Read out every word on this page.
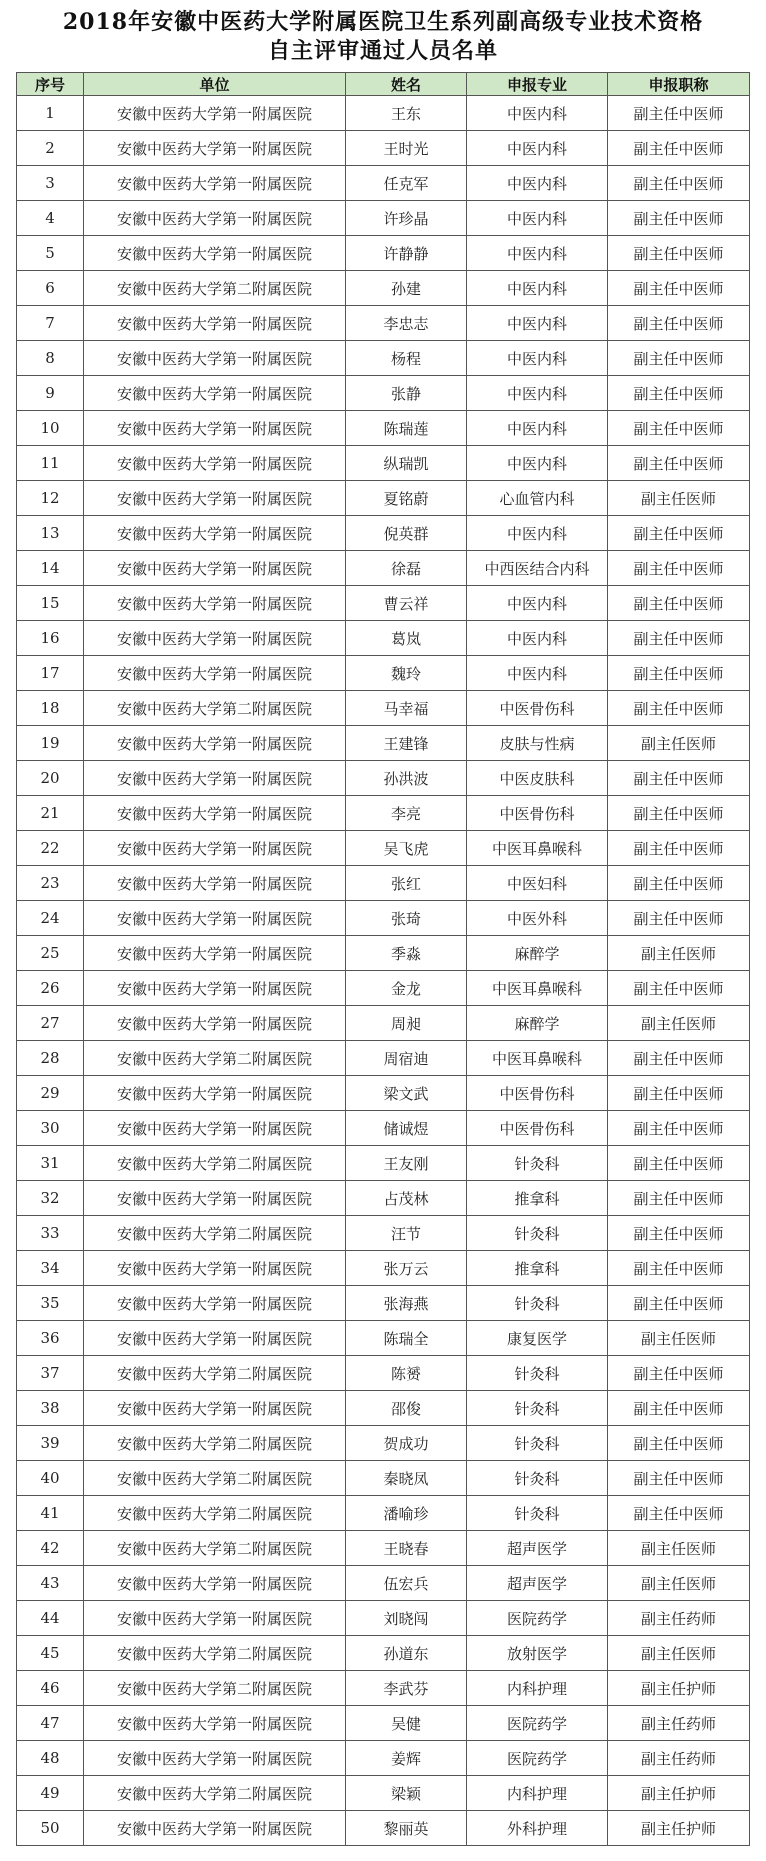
2018年安徽中医药大学附属医院卫生系列副高级专业技术资格
自主评审通过人员名单
序号	单位	姓名	申报专业	申报职称
1	安徽中医药大学第一附属医院	王东	中医内科	副主任中医师
2	安徽中医药大学第一附属医院	王时光	中医内科	副主任中医师
3	安徽中医药大学第一附属医院	任克军	中医内科	副主任中医师
4	安徽中医药大学第一附属医院	许珍晶	中医内科	副主任中医师
5	安徽中医药大学第一附属医院	许静静	中医内科	副主任中医师
6	安徽中医药大学第二附属医院	孙建	中医内科	副主任中医师
7	安徽中医药大学第一附属医院	李忠志	中医内科	副主任中医师
8	安徽中医药大学第一附属医院	杨程	中医内科	副主任中医师
9	安徽中医药大学第一附属医院	张静	中医内科	副主任中医师
10	安徽中医药大学第一附属医院	陈瑞莲	中医内科	副主任中医师
11	安徽中医药大学第一附属医院	纵瑞凯	中医内科	副主任中医师
12	安徽中医药大学第一附属医院	夏铭蔚	心血管内科	副主任医师
13	安徽中医药大学第一附属医院	倪英群	中医内科	副主任中医师
14	安徽中医药大学第一附属医院	徐磊	中西医结合内科	副主任中医师
15	安徽中医药大学第一附属医院	曹云祥	中医内科	副主任中医师
16	安徽中医药大学第一附属医院	葛岚	中医内科	副主任中医师
17	安徽中医药大学第一附属医院	魏玲	中医内科	副主任中医师
18	安徽中医药大学第二附属医院	马幸福	中医骨伤科	副主任中医师
19	安徽中医药大学第一附属医院	王建锋	皮肤与性病	副主任医师
20	安徽中医药大学第一附属医院	孙洪波	中医皮肤科	副主任中医师
21	安徽中医药大学第一附属医院	李亮	中医骨伤科	副主任中医师
22	安徽中医药大学第一附属医院	吴飞虎	中医耳鼻喉科	副主任中医师
23	安徽中医药大学第一附属医院	张红	中医妇科	副主任中医师
24	安徽中医药大学第一附属医院	张琦	中医外科	副主任中医师
25	安徽中医药大学第一附属医院	季淼	麻醉学	副主任医师
26	安徽中医药大学第一附属医院	金龙	中医耳鼻喉科	副主任中医师
27	安徽中医药大学第一附属医院	周昶	麻醉学	副主任医师
28	安徽中医药大学第二附属医院	周宿迪	中医耳鼻喉科	副主任中医师
29	安徽中医药大学第一附属医院	梁文武	中医骨伤科	副主任中医师
30	安徽中医药大学第一附属医院	储诚煜	中医骨伤科	副主任中医师
31	安徽中医药大学第二附属医院	王友刚	针灸科	副主任中医师
32	安徽中医药大学第一附属医院	占茂林	推拿科	副主任中医师
33	安徽中医药大学第二附属医院	汪节	针灸科	副主任中医师
34	安徽中医药大学第一附属医院	张万云	推拿科	副主任中医师
35	安徽中医药大学第一附属医院	张海燕	针灸科	副主任中医师
36	安徽中医药大学第一附属医院	陈瑞全	康复医学	副主任医师
37	安徽中医药大学第二附属医院	陈赟	针灸科	副主任中医师
38	安徽中医药大学第一附属医院	邵俊	针灸科	副主任中医师
39	安徽中医药大学第二附属医院	贺成功	针灸科	副主任中医师
40	安徽中医药大学第二附属医院	秦晓凤	针灸科	副主任中医师
41	安徽中医药大学第二附属医院	潘喻珍	针灸科	副主任中医师
42	安徽中医药大学第二附属医院	王晓春	超声医学	副主任医师
43	安徽中医药大学第一附属医院	伍宏兵	超声医学	副主任医师
44	安徽中医药大学第一附属医院	刘晓闯	医院药学	副主任药师
45	安徽中医药大学第二附属医院	孙道东	放射医学	副主任医师
46	安徽中医药大学第二附属医院	李武芬	内科护理	副主任护师
47	安徽中医药大学第一附属医院	吴健	医院药学	副主任药师
48	安徽中医药大学第一附属医院	姜辉	医院药学	副主任药师
49	安徽中医药大学第二附属医院	梁颖	内科护理	副主任护师
50	安徽中医药大学第一附属医院	黎丽英	外科护理	副主任护师
